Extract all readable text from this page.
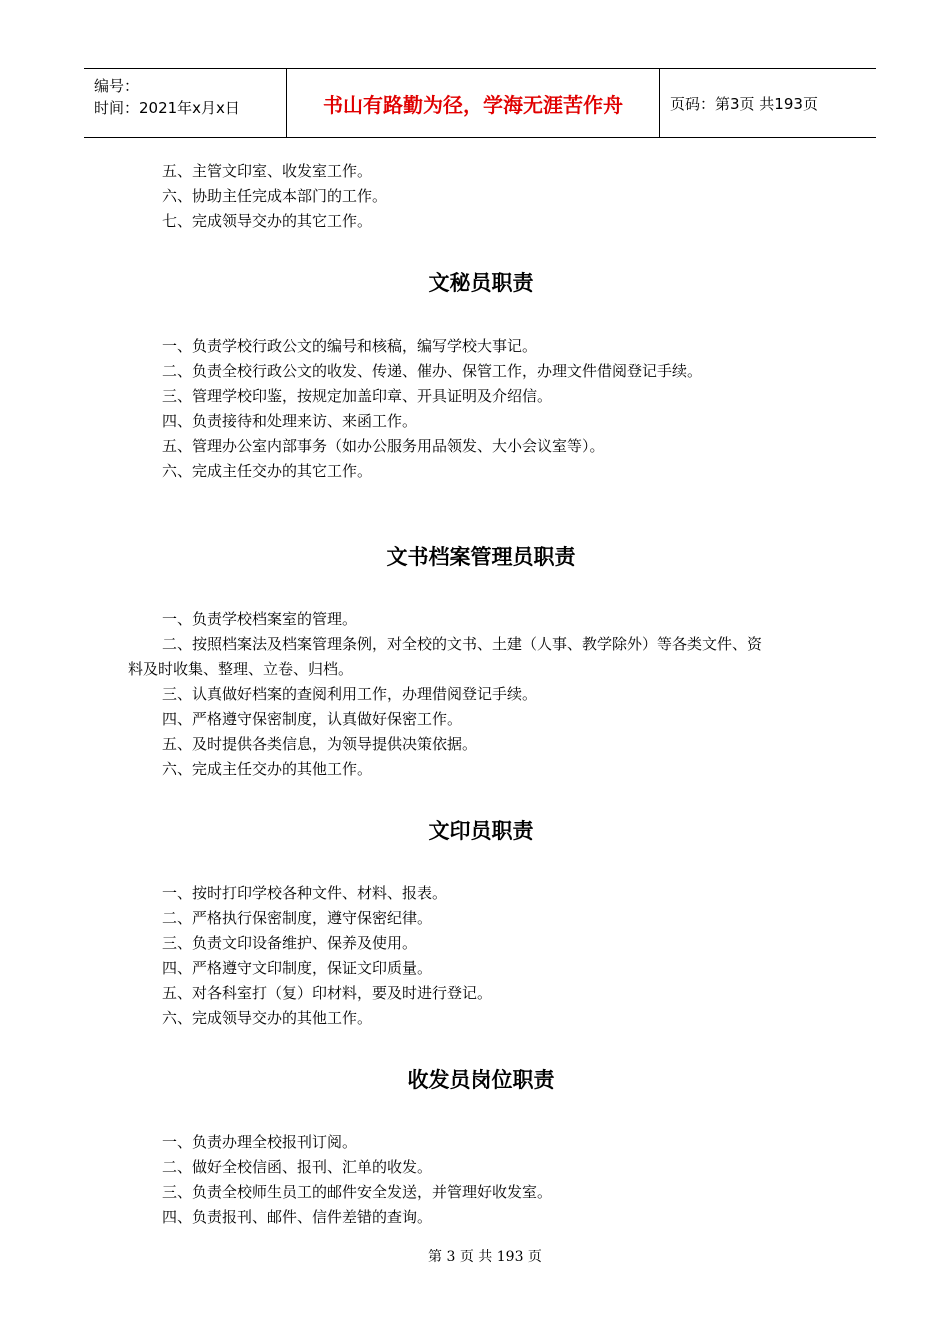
编号：
时间：2021年x月x日	书山有路勤为径，学海无涯苦作舟	页码：第3页 共193页
五、主管文印室、收发室工作。
六、协助主任完成本部门的工作。
七、完成领导交办的其它工作。
文秘员职责
一、负责学校行政公文的编号和核稿，编写学校大事记。
二、负责全校行政公文的收发、传递、催办、保管工作，办理文件借阅登记手续。
三、管理学校印鉴，按规定加盖印章、开具证明及介绍信。
四、负责接待和处理来访、来函工作。
五、管理办公室内部事务（如办公服务用品领发、大小会议室等）。
六、完成主任交办的其它工作。
文书档案管理员职责
一、负责学校档案室的管理。
二、按照档案法及档案管理条例，对全校的文书、土建（人事、教学除外）等各类文件、资
料及时收集、整理、立卷、归档。
三、认真做好档案的查阅利用工作，办理借阅登记手续。
四、严格遵守保密制度，认真做好保密工作。
五、及时提供各类信息，为领导提供决策依据。
六、完成主任交办的其他工作。
文印员职责
一、按时打印学校各种文件、材料、报表。
二、严格执行保密制度，遵守保密纪律。
三、负责文印设备维护、保养及使用。
四、严格遵守文印制度，保证文印质量。
五、对各科室打（复）印材料，要及时进行登记。
六、完成领导交办的其他工作。
收发员岗位职责
一、负责办理全校报刊订阅。
二、做好全校信函、报刊、汇单的收发。
三、负责全校师生员工的邮件安全发送，并管理好收发室。
四、负责报刊、邮件、信件差错的查询。
第 3 页 共 193 页
